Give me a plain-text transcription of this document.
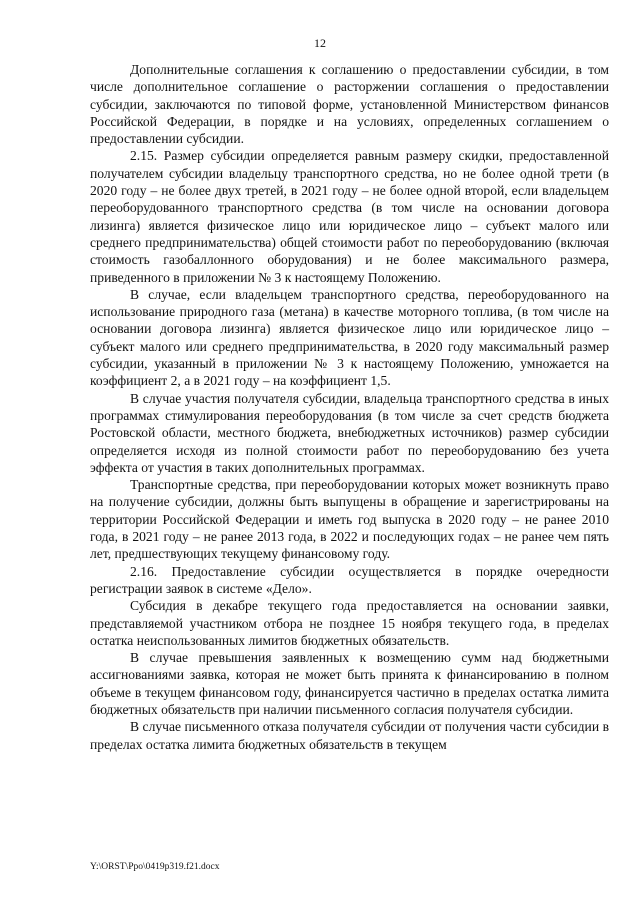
12

Дополнительные соглашения к соглашению о предоставлении субсидии, в том числе дополнительное соглашение о расторжении соглашения о предоставлении субсидии, заключаются по типовой форме, установленной Министерством финансов Российской Федерации, в порядке и на условиях, определенных соглашением о предоставлении субсидии.

2.15. Размер субсидии определяется равным размеру скидки, предоставленной получателем субсидии владельцу транспортного средства, но не более одной трети (в 2020 году – не более двух третей, в 2021 году – не более одной второй, если владельцем переоборудованного транспортного средства (в том числе на основании договора лизинга) является физическое лицо или юридическое лицо – субъект малого или среднего предпринимательства) общей стоимости работ по переоборудованию (включая стоимость газобаллонного оборудования) и не более максимального размера, приведенного в приложении № 3 к настоящему Положению.

В случае, если владельцем транспортного средства, переоборудованного на использование природного газа (метана) в качестве моторного топлива, (в том числе на основании договора лизинга) является физическое лицо или юридическое лицо – субъект малого или среднего предпринимательства, в 2020 году максимальный размер субсидии, указанный в приложении № 3 к настоящему Положению, умножается на коэффициент 2, а в 2021 году – на коэффициент 1,5.

В случае участия получателя субсидии, владельца транспортного средства в иных программах стимулирования переоборудования (в том числе за счет средств бюджета Ростовской области, местного бюджета, внебюджетных источников) размер субсидии определяется исходя из полной стоимости работ по переоборудованию без учета эффекта от участия в таких дополнительных программах.

Транспортные средства, при переоборудовании которых может возникнуть право на получение субсидии, должны быть выпущены в обращение и зарегистрированы на территории Российской Федерации и иметь год выпуска в 2020 году – не ранее 2010 года, в 2021 году – не ранее 2013 года, в 2022 и последующих годах – не ранее чем пять лет, предшествующих текущему финансовому году.

2.16. Предоставление субсидии осуществляется в порядке очередности регистрации заявок в системе «Дело».

Субсидия в декабре текущего года предоставляется на основании заявки, представляемой участником отбора не позднее 15 ноября текущего года, в пределах остатка неиспользованных лимитов бюджетных обязательств.

В случае превышения заявленных к возмещению сумм над бюджетными ассигнованиями заявка, которая не может быть принята к финансированию в полном объеме в текущем финансовом году, финансируется частично в пределах остатка лимита бюджетных обязательств при наличии письменного согласия получателя субсидии.

В случае письменного отказа получателя субсидии от получения части субсидии в пределах остатка лимита бюджетных обязательств в текущем

Y:\ORST\Ppo\0419p319.f21.docx
